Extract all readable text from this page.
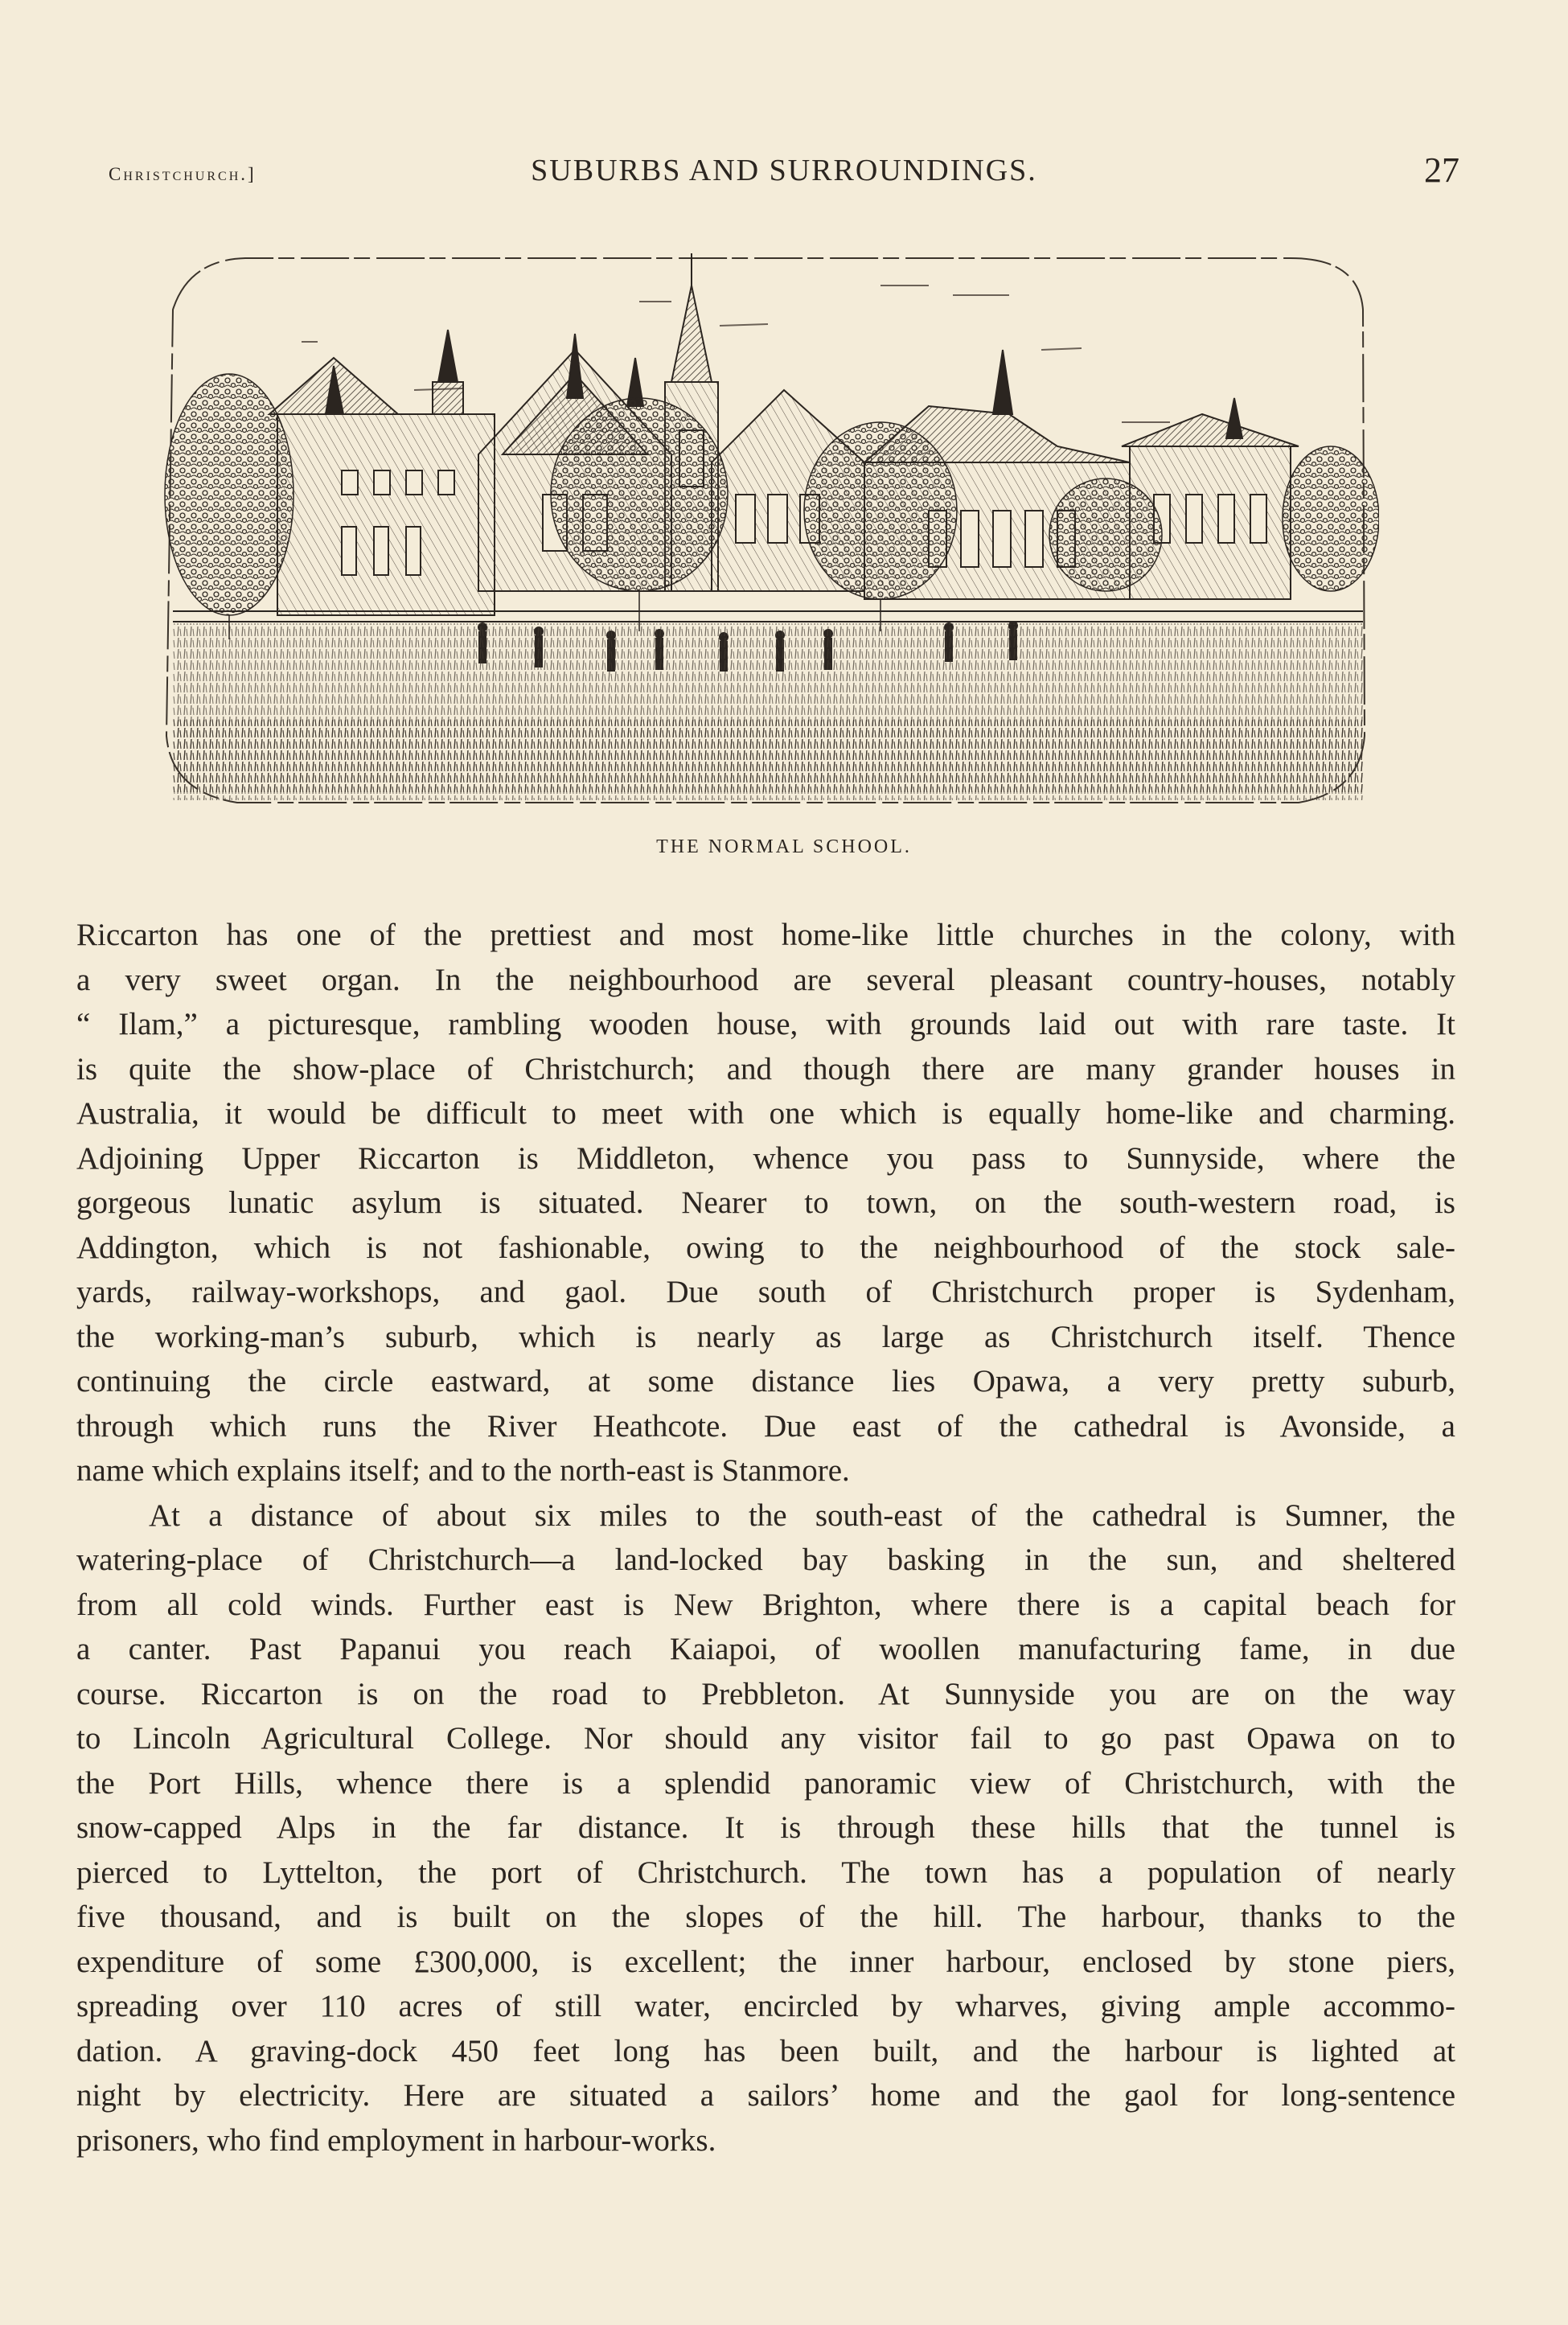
Christchurch.]	SUBURBS AND SURROUNDINGS.	27
THE NORMAL SCHOOL.
Riccarton has one of the prettiest and most home-like little churches in the colony, with
a very sweet organ. In the neighbourhood are several pleasant country-houses, notably
“ Ilam,” a picturesque, rambling wooden house, with grounds laid out with rare taste. It
is quite the show-place of Christchurch; and though there are many grander houses in
Australia, it would be difficult to meet with one which is equally home-like and charming.
Adjoining Upper Riccarton is Middleton, whence you pass to Sunnyside, where the
gorgeous lunatic asylum is situated. Nearer to town, on the south-western road, is
Addington, which is not fashionable, owing to the neighbourhood of the stock sale-
yards, railway-workshops, and gaol. Due south of Christchurch proper is Sydenham,
the working-man’s suburb, which is nearly as large as Christchurch itself. Thence
continuing the circle eastward, at some distance lies Opawa, a very pretty suburb,
through which runs the River Heathcote. Due east of the cathedral is Avonside, a
name which explains itself; and to the north-east is Stanmore.
At a distance of about six miles to the south-east of the cathedral is Sumner, the
watering-place of Christchurch—a land-locked bay basking in the sun, and sheltered
from all cold winds. Further east is New Brighton, where there is a capital beach for
a canter. Past Papanui you reach Kaiapoi, of woollen manufacturing fame, in due
course. Riccarton is on the road to Prebbleton. At Sunnyside you are on the way
to Lincoln Agricultural College. Nor should any visitor fail to go past Opawa on to
the Port Hills, whence there is a splendid panoramic view of Christchurch, with the
snow-capped Alps in the far distance. It is through these hills that the tunnel is
pierced to Lyttelton, the port of Christchurch. The town has a population of nearly
five thousand, and is built on the slopes of the hill. The harbour, thanks to the
expenditure of some £300,000, is excellent; the inner harbour, enclosed by stone piers,
spreading over 110 acres of still water, encircled by wharves, giving ample accommo-
dation. A graving-dock 450 feet long has been built, and the harbour is lighted at
night by electricity. Here are situated a sailors’ home and the gaol for long-sentence
prisoners, who find employment in harbour-works.
